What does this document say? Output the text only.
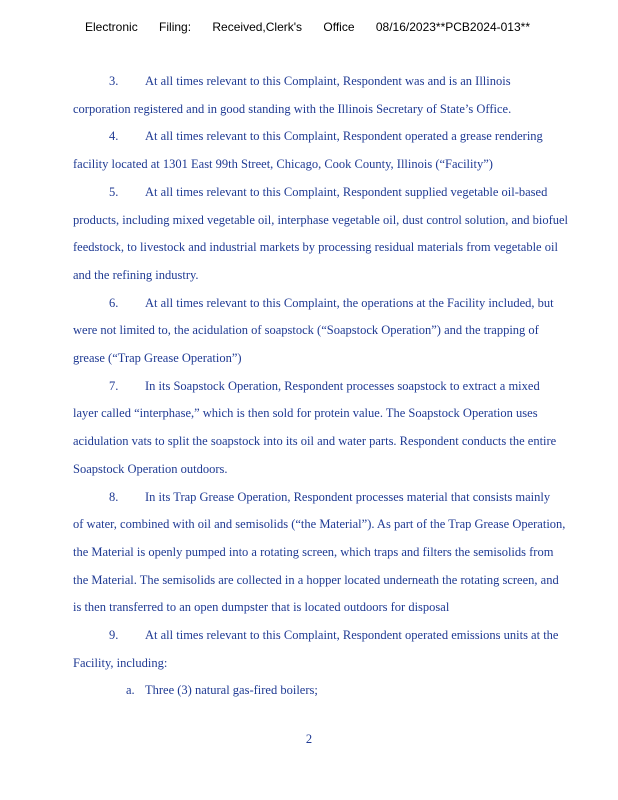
Electronic Filing: Received,Clerk's Office 08/16/2023**PCB2024-013**
3. At all times relevant to this Complaint, Respondent was and is an Illinois
corporation registered and in good standing with the Illinois Secretary of State’s Office.
4. At all times relevant to this Complaint, Respondent operated a grease rendering
facility located at 1301 East 99th Street, Chicago, Cook County, Illinois (“Facility”)
5. At all times relevant to this Complaint, Respondent supplied vegetable oil-based
products, including mixed vegetable oil, interphase vegetable oil, dust control solution, and biofuel
feedstock, to livestock and industrial markets by processing residual materials from vegetable oil
and the refining industry.
6. At all times relevant to this Complaint, the operations at the Facility included, but
were not limited to, the acidulation of soapstock (“Soapstock Operation”) and the trapping of
grease (“Trap Grease Operation”)
7. In its Soapstock Operation, Respondent processes soapstock to extract a mixed
layer called “interphase,” which is then sold for protein value. The Soapstock Operation uses
acidulation vats to split the soapstock into its oil and water parts. Respondent conducts the entire
Soapstock Operation outdoors.
8. In its Trap Grease Operation, Respondent processes material that consists mainly
of water, combined with oil and semisolids (“the Material”). As part of the Trap Grease Operation,
the Material is openly pumped into a rotating screen, which traps and filters the semisolids from
the Material. The semisolids are collected in a hopper located underneath the rotating screen, and
is then transferred to an open dumpster that is located outdoors for disposal
9. At all times relevant to this Complaint, Respondent operated emissions units at the
Facility, including:
a. Three (3) natural gas-fired boilers;
2
